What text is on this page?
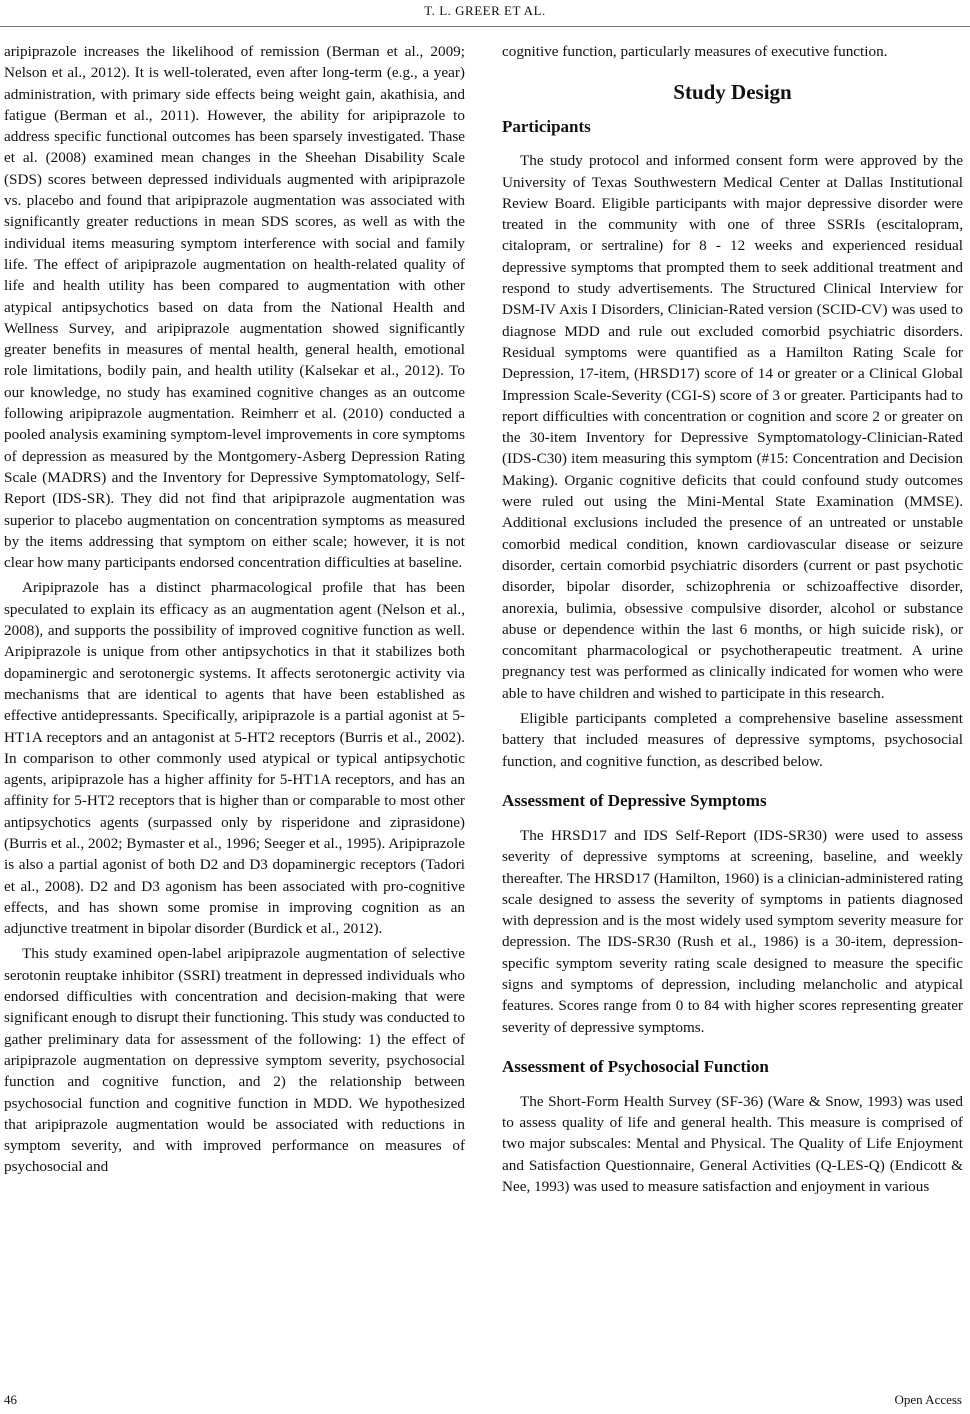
T. L. GREER ET AL.

aripiprazole increases the likelihood of remission (Berman et al., 2009; Nelson et al., 2012). It is well-tolerated, even after long-term (e.g., a year) administration, with primary side effects being weight gain, akathisia, and fatigue (Berman et al., 2011). However, the ability for aripiprazole to address specific functional outcomes has been sparsely investigated. Thase et al. (2008) examined mean changes in the Sheehan Disability Scale (SDS) scores between depressed individuals augmented with aripiprazole vs. placebo and found that aripiprazole augmentation was associated with significantly greater reductions in mean SDS scores, as well as with the individual items measuring symptom interference with social and family life. The effect of aripiprazole augmentation on health-related quality of life and health utility has been compared to augmentation with other atypical antipsychotics based on data from the National Health and Wellness Survey, and aripiprazole augmentation showed significantly greater benefits in measures of mental health, general health, emotional role limitations, bodily pain, and health utility (Kalsekar et al., 2012). To our knowledge, no study has examined cognitive changes as an outcome following aripiprazole augmentation. Reimherr et al. (2010) conducted a pooled analysis examining symptom-level improvements in core symptoms of depression as measured by the Montgomery-Asberg Depression Rating Scale (MADRS) and the Inventory for Depressive Symptomatology, Self-Report (IDS-SR). They did not find that aripiprazole augmentation was superior to placebo augmentation on concentration symptoms as measured by the items addressing that symptom on either scale; however, it is not clear how many participants endorsed concentration difficulties at baseline.

Aripiprazole has a distinct pharmacological profile that has been speculated to explain its efficacy as an augmentation agent (Nelson et al., 2008), and supports the possibility of improved cognitive function as well. Aripiprazole is unique from other antipsychotics in that it stabilizes both dopaminergic and serotonergic systems. It affects serotonergic activity via mechanisms that are identical to agents that have been established as effective antidepressants. Specifically, aripiprazole is a partial agonist at 5-HT1A receptors and an antagonist at 5-HT2 receptors (Burris et al., 2002). In comparison to other commonly used atypical or typical antipsychotic agents, aripiprazole has a higher affinity for 5-HT1A receptors, and has an affinity for 5-HT2 receptors that is higher than or comparable to most other antipsychotics agents (surpassed only by risperidone and ziprasidone) (Burris et al., 2002; Bymaster et al., 1996; Seeger et al., 1995). Aripiprazole is also a partial agonist of both D2 and D3 dopaminergic receptors (Tadori et al., 2008). D2 and D3 agonism has been associated with pro-cognitive effects, and has shown some promise in improving cognition as an adjunctive treatment in bipolar disorder (Burdick et al., 2012).

This study examined open-label aripiprazole augmentation of selective serotonin reuptake inhibitor (SSRI) treatment in depressed individuals who endorsed difficulties with concentration and decision-making that were significant enough to disrupt their functioning. This study was conducted to gather preliminary data for assessment of the following: 1) the effect of aripiprazole augmentation on depressive symptom severity, psychosocial function and cognitive function, and 2) the relationship between psychosocial function and cognitive function in MDD. We hypothesized that aripiprazole augmentation would be associated with reductions in symptom severity, and with improved performance on measures of psychosocial and

cognitive function, particularly measures of executive function.

Study Design
Participants

The study protocol and informed consent form were approved by the University of Texas Southwestern Medical Center at Dallas Institutional Review Board. Eligible participants with major depressive disorder were treated in the community with one of three SSRIs (escitalopram, citalopram, or sertraline) for 8 - 12 weeks and experienced residual depressive symptoms that prompted them to seek additional treatment and respond to study advertisements. The Structured Clinical Interview for DSM-IV Axis I Disorders, Clinician-Rated version (SCID-CV) was used to diagnose MDD and rule out excluded comorbid psychiatric disorders. Residual symptoms were quantified as a Hamilton Rating Scale for Depression, 17-item, (HRSD17) score of 14 or greater or a Clinical Global Impression Scale-Severity (CGI-S) score of 3 or greater. Participants had to report difficulties with concentration or cognition and score 2 or greater on the 30-item Inventory for Depressive Symptomatology-Clinician-Rated (IDS-C30) item measuring this symptom (#15: Concentration and Decision Making). Organic cognitive deficits that could confound study outcomes were ruled out using the Mini-Mental State Examination (MMSE). Additional exclusions included the presence of an untreated or unstable comorbid medical condition, known cardiovascular disease or seizure disorder, certain comorbid psychiatric disorders (current or past psychotic disorder, bipolar disorder, schizophrenia or schizoaffective disorder, anorexia, bulimia, obsessive compulsive disorder, alcohol or substance abuse or dependence within the last 6 months, or high suicide risk), or concomitant pharmacological or psychotherapeutic treatment. A urine pregnancy test was performed as clinically indicated for women who were able to have children and wished to participate in this research.

Eligible participants completed a comprehensive baseline assessment battery that included measures of depressive symptoms, psychosocial function, and cognitive function, as described below.

Assessment of Depressive Symptoms

The HRSD17 and IDS Self-Report (IDS-SR30) were used to assess severity of depressive symptoms at screening, baseline, and weekly thereafter. The HRSD17 (Hamilton, 1960) is a clinician-administered rating scale designed to assess the severity of symptoms in patients diagnosed with depression and is the most widely used symptom severity measure for depression. The IDS-SR30 (Rush et al., 1986) is a 30-item, depression-specific symptom severity rating scale designed to measure the specific signs and symptoms of depression, including melancholic and atypical features. Scores range from 0 to 84 with higher scores representing greater severity of depressive symptoms.

Assessment of Psychosocial Function

The Short-Form Health Survey (SF-36) (Ware & Snow, 1993) was used to assess quality of life and general health. This measure is comprised of two major subscales: Mental and Physical. The Quality of Life Enjoyment and Satisfaction Questionnaire, General Activities (Q-LES-Q) (Endicott & Nee, 1993) was used to measure satisfaction and enjoyment in various

46	Open Access
